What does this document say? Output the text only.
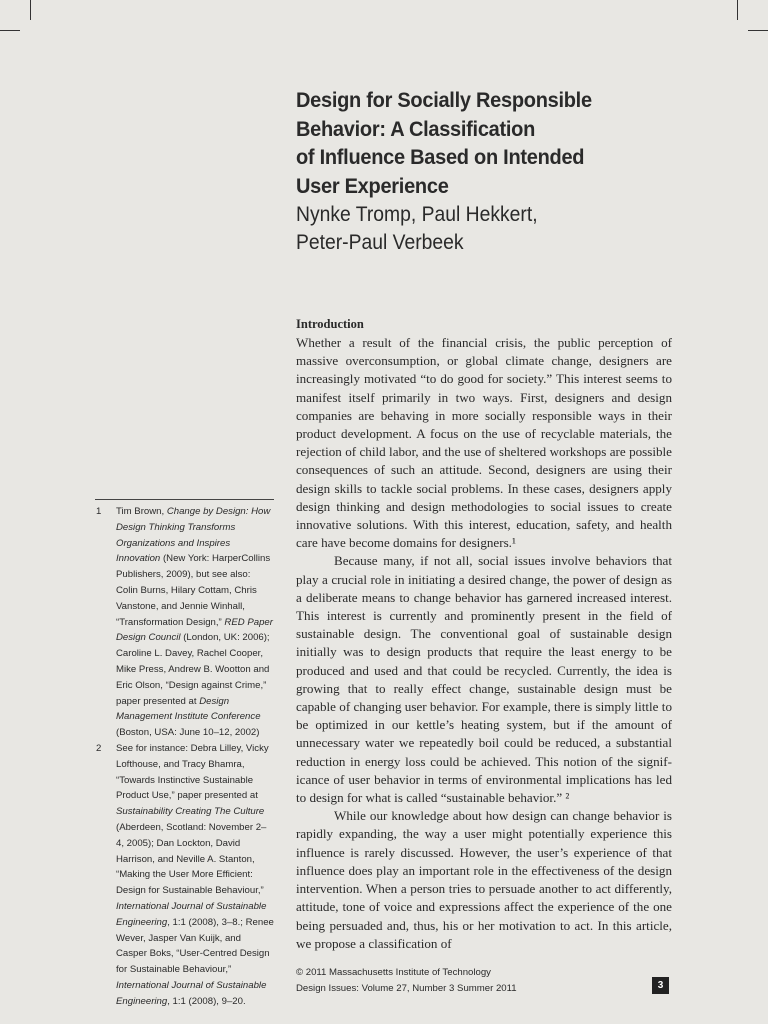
Design for Socially Responsible
Behavior: A Classification
of Influence Based on Intended
User Experience
Nynke Tromp, Paul Hekkert,
Peter-Paul Verbeek
Introduction

Whether a result of the financial crisis, the public perception of massive overconsumption, or global climate change, designers are increasingly motivated “to do good for society.” This interest seems to manifest itself primarily in two ways. First, designers and design companies are behaving in more socially responsible ways in their product development. A focus on the use of recyclable materials, the rejection of child labor, and the use of sheltered workshops are possible consequences of such an attitude. Second, designers are using their design skills to tackle social problems. In these cases, designers apply design thinking and design methodologies to social issues to create innovative solutions. With this interest, education, safety, and health care have become domains for designers.¹

Because many, if not all, social issues involve behaviors that play a crucial role in initiating a desired change, the power of design as a deliberate means to change behavior has garnered increased interest. This interest is currently and prominently present in the field of sustainable design. The conventional goal of sustainable design initially was to design products that require the least energy to be produced and used and that could be recycled. Currently, the idea is growing that to really effect change, sustainable design must be capable of changing user behavior. For example, there is simply little to be optimized in our kettle’s heating system, but if the amount of unnecessary water we repeatedly boil could be reduced, a substantial reduction in energy loss could be achieved. This notion of the signif-icance of user behavior in terms of environmental implications has led to design for what is called “sustainable behavior.” ²

While our knowledge about how design can change behavior is rapidly expanding, the way a user might potentially experience this influence is rarely discussed. However, the user’s experience of that influence does play an important role in the effectiveness of the design intervention. When a person tries to persuade another to act differently, attitude, tone of voice and expressions affect the experience of the one being persuaded and, thus, his or her motivation to act. In this article, we propose a classification of

1	Tim Brown, Change by Design: How Design Thinking Transforms Organizations and Inspires Innovation (New York: HarperCollins Publishers, 2009), but see also: Colin Burns, Hilary Cottam, Chris Vanstone, and Jennie Winhall, “Transformation Design,” RED Paper Design Council (London, UK: 2006); Caroline L. Davey, Rachel Cooper, Mike Press, Andrew B. Wootton and Eric Olson, “Design against Crime,” paper presented at Design Management Institute Conference (Boston, USA: June 10–12, 2002)
2	See for instance: Debra Lilley, Vicky Lofthouse, and Tracy Bhamra, “Towards Instinctive Sustainable Product Use,” paper presented at Sustainability Creating The Culture (Aberdeen, Scotland: November 2–4, 2005); Dan Lockton, David Harrison, and Neville A. Stanton, “Making the User More Efficient: Design for Sustainable Behaviour,” International Journal of Sustainable Engineering, 1:1 (2008), 3–8.; Renee Wever, Jasper Van Kuijk, and Casper Boks, “User-Centred Design for Sustainable Behaviour,” International Journal of Sustainable Engineering, 1:1 (2008), 9–20.
© 2011 Massachusetts Institute of Technology
Design Issues: Volume 27, Number 3 Summer 2011	3
